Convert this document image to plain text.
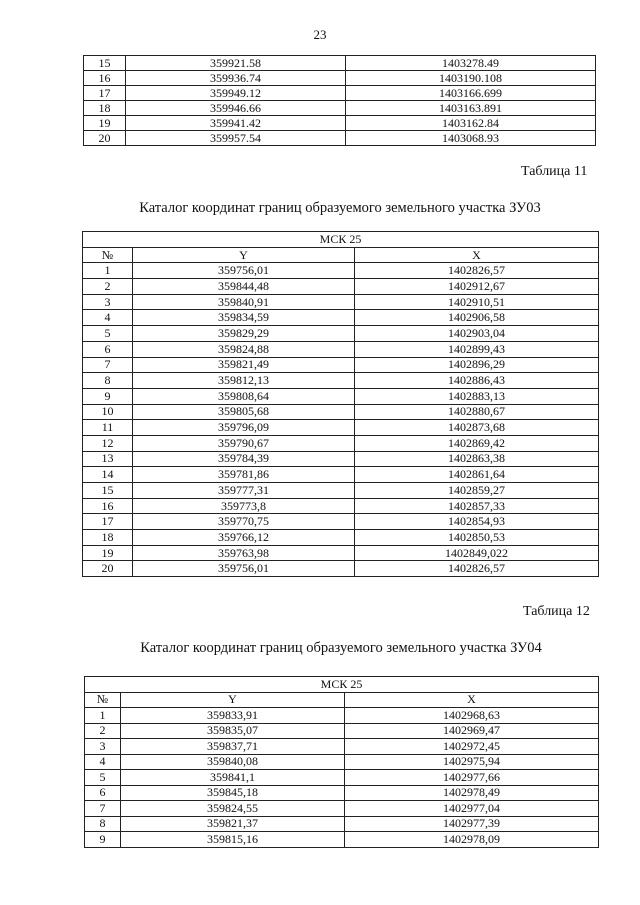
23
15	359921.58	1403278.49
16	359936.74	1403190.108
17	359949.12	1403166.699
18	359946.66	1403163.891
19	359941.42	1403162.84
20	359957.54	1403068.93
Таблица 11
Каталог координат границ образуемого земельного участка ЗУ03
МСК 25		
№	Y	X
1	359756,01	1402826,57
2	359844,48	1402912,67
3	359840,91	1402910,51
4	359834,59	1402906,58
5	359829,29	1402903,04
6	359824,88	1402899,43
7	359821,49	1402896,29
8	359812,13	1402886,43
9	359808,64	1402883,13
10	359805,68	1402880,67
11	359796,09	1402873,68
12	359790,67	1402869,42
13	359784,39	1402863,38
14	359781,86	1402861,64
15	359777,31	1402859,27
16	359773,8	1402857,33
17	359770,75	1402854,93
18	359766,12	1402850,53
19	359763,98	1402849,022
20	359756,01	1402826,57
Таблица 12
Каталог координат границ образуемого земельного участка ЗУ04
МСК 25		
№	Y	X
1	359833,91	1402968,63
2	359835,07	1402969,47
3	359837,71	1402972,45
4	359840,08	1402975,94
5	359841,1	1402977,66
6	359845,18	1402978,49
7	359824,55	1402977,04
8	359821,37	1402977,39
9	359815,16	1402978,09
